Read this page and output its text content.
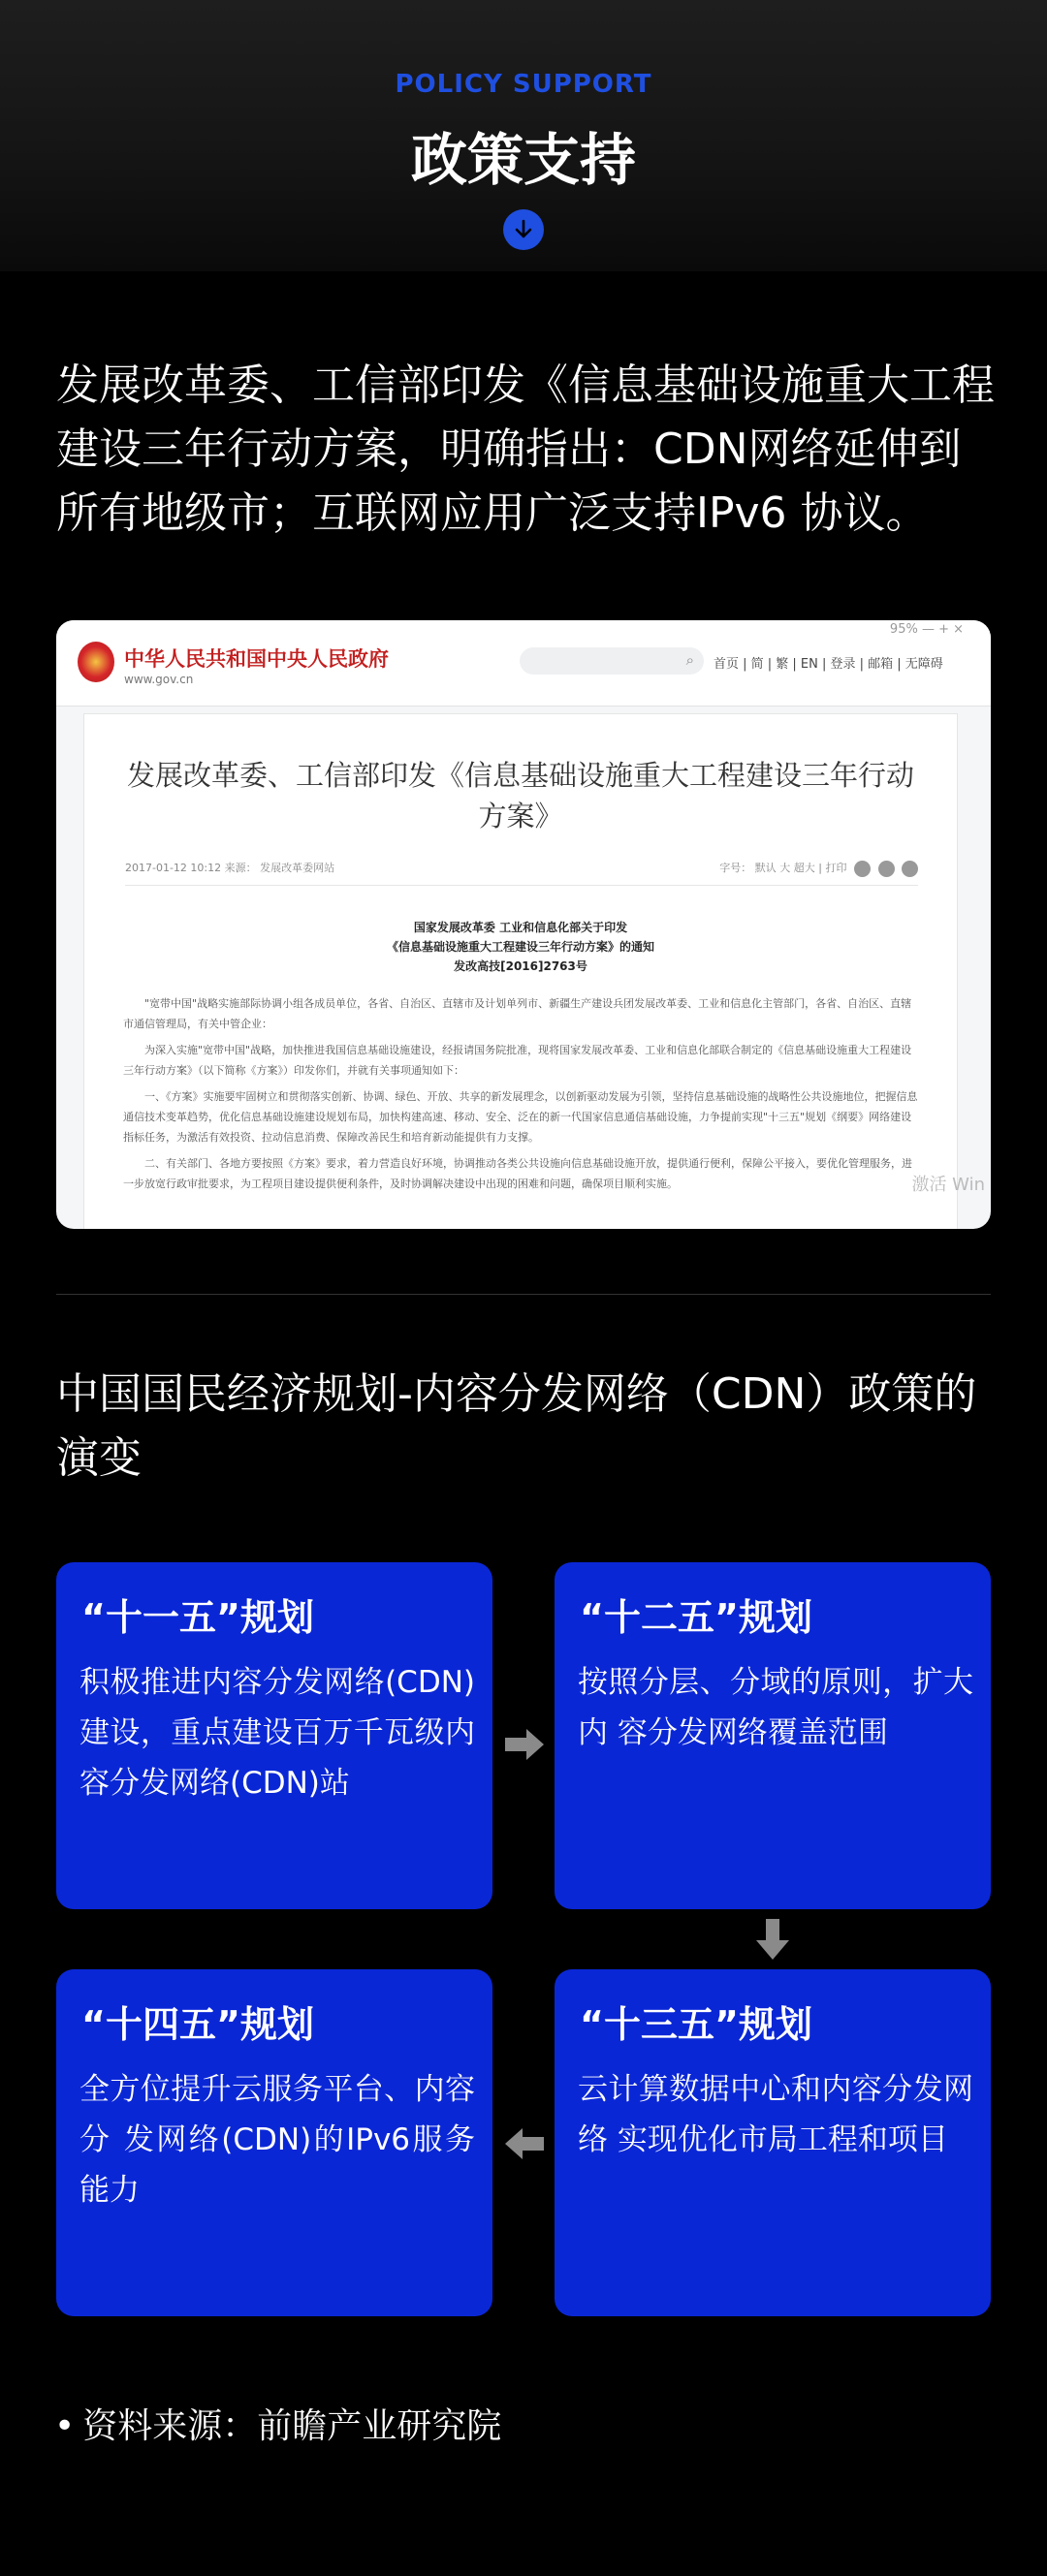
POLICY SUPPORT
政策支持
发展改革委、工信部印发《信息基础设施重大工程建设三年行动方案，明确指出：CDN网络延伸到所有地级市；互联网应用广泛支持IPv6 协议。
中华人民共和国中央人民政府
www.gov.cn
⌕ 首页 | 简 | 繁 | EN | 登录 | 邮箱 | 无障碍
95% — + ×
发展改革委、工信部印发《信息基础设施重大工程建设三年行动方案》
2017-01-12 10:12 来源： 发展改革委网站	字号： 默认 大 超大 | 打印
国家发展改革委 工业和信息化部关于印发
《信息基础设施重大工程建设三年行动方案》的通知
发改高技[2016]2763号

"宽带中国"战略实施部际协调小组各成员单位，各省、自治区、直辖市及计划单列市、新疆生产建设兵团发展改革委、工业和信息化主管部门，各省、自治区、直辖市通信管理局，有关中管企业：

为深入实施"宽带中国"战略，加快推进我国信息基础设施建设，经报请国务院批准，现将国家发展改革委、工业和信息化部联合制定的《信息基础设施重大工程建设三年行动方案》（以下简称《方案》）印发你们，并就有关事项通知如下：

一、《方案》实施要牢固树立和贯彻落实创新、协调、绿色、开放、共享的新发展理念，以创新驱动发展为引领，坚持信息基础设施的战略性公共设施地位，把握信息通信技术变革趋势，优化信息基础设施建设规划布局，加快构建高速、移动、安全、泛在的新一代国家信息通信基础设施，力争提前实现"十三五"规划《纲要》网络建设指标任务，为激活有效投资、拉动信息消费、保障改善民生和培育新动能提供有力支撑。

二、有关部门、各地方要按照《方案》要求，着力营造良好环境，协调推动各类公共设施向信息基础设施开放，提供通行便利，保障公平接入，要优化管理服务，进一步放宽行政审批要求，为工程项目建设提供便利条件，及时协调解决建设中出现的困难和问题，确保项目顺利实施。	激活 Win
中国国民经济规划-内容分发网络（CDN）政策的演变
“十一五”规划
积极推进内容分发网络(CDN)建设，重点建设百万千瓦级内容分发网络(CDN)站
“十二五”规划
按照分层、分域的原则，扩大内 容分发网络覆盖范围
“十三五”规划
云计算数据中心和内容分发网络 实现优化市局工程和项目
“十四五”规划
全方位提升云服务平台、内容分 发网络(CDN)的IPv6服务能力
• 资料来源：前瞻产业研究院
